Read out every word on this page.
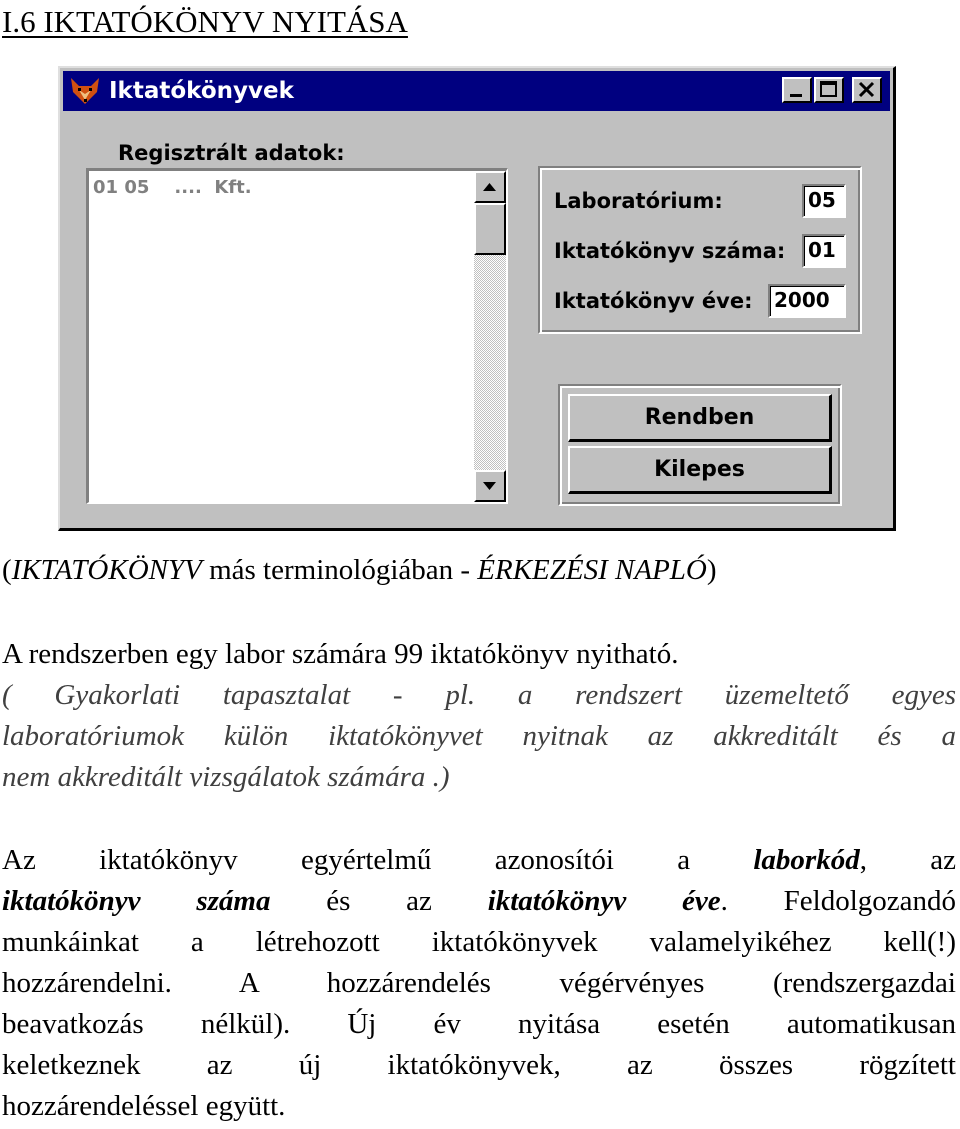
I.6 IKTATÓKÖNYV NYITÁSA
Iktatókönyvek
Regisztrált adatok:
01 05    ....  Kft.
Laboratórium:	05
Iktatókönyv száma:	01
Iktatókönyv éve:	2000
Rendben
Kilepes
(IKTATÓKÖNYV más terminológiában - ÉRKEZÉSI NAPLÓ)
A rendszerben egy labor számára 99 iktatókönyv nyitható.
( Gyakorlati tapasztalat - pl. a rendszert üzemeltető egyes
laboratóriumok külön iktatókönyvet nyitnak az akkreditált és a
nem akkreditált vizsgálatok számára .)
Az iktatókönyv egyértelmű azonosítói a laborkód, az
iktatókönyv száma és az iktatókönyv éve. Feldolgozandó
munkáinkat a létrehozott iktatókönyvek valamelyikéhez kell(!)
hozzárendelni. A hozzárendelés végérvényes (rendszergazdai
beavatkozás nélkül). Új év nyitása esetén automatikusan
keletkeznek az új iktatókönyvek, az összes rögzített
hozzárendeléssel együtt.
